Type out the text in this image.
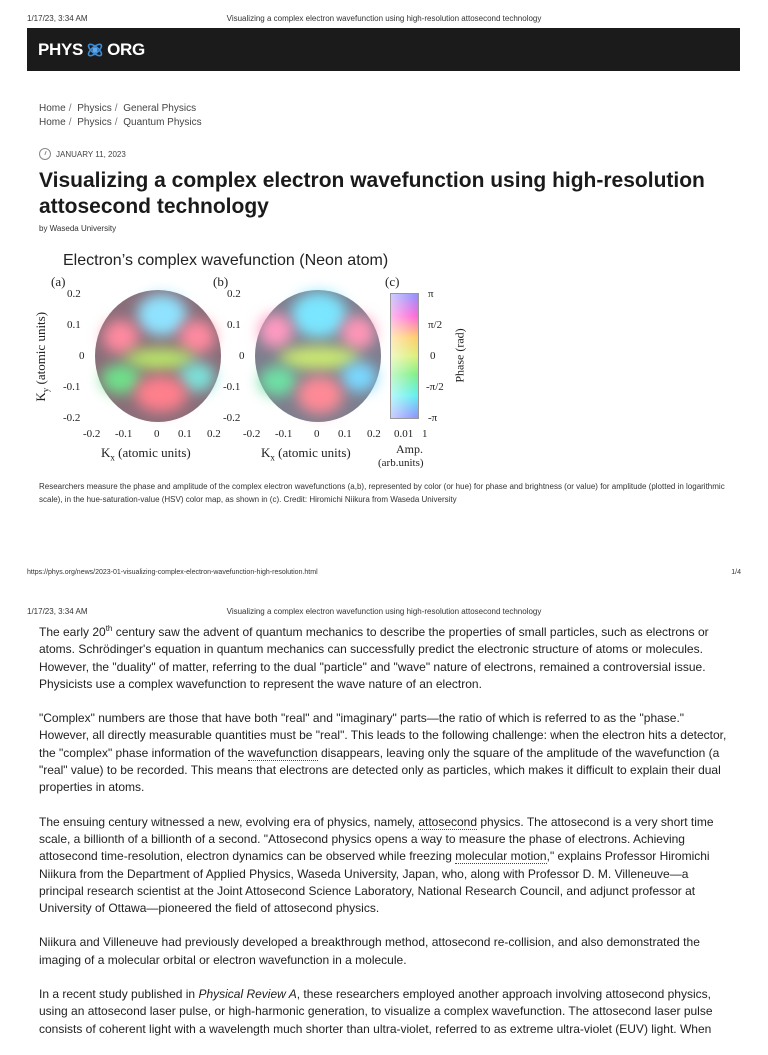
1/17/23, 3:34 AM	Visualizing a complex electron wavefunction using high-resolution attosecond technology
PHYS ORG
Home / Physics / General Physics
Home / Physics / Quantum Physics
JANUARY 11, 2023
Visualizing a complex electron wavefunction using high-resolution attosecond technology
by Waseda University
Electron’s complex wavefunction (Neon atom)
(a)	(b)	(c)
$K_y$ (atomic units)
0.2
0.1
0
-0.1
-0.2
0.2
0.1
0
-0.1
-0.2
-0.2 -0.1 0 0.1 0.2 -0.2 -0.1 0 0.1 0.2
$K_x$ (atomic units)	$K_x$ (atomic units)
π
π/2
0
-π/2
-π
Phase (rad)
0.01 1
Amp.
(arb.units)
Researchers measure the phase and amplitude of the complex electron wavefunctions (a,b), represented by color (or hue) for phase and brightness (or value) for amplitude (plotted in logarithmic scale), in the hue-saturation-value (HSV) color map, as shown in (c). Credit: Hiromichi Niikura from Waseda University
https://phys.org/news/2023-01-visualizing-complex-electron-wavefunction-high-resolution.html	1/4
1/17/23, 3:34 AM	Visualizing a complex electron wavefunction using high-resolution attosecond technology

The early 20th century saw the advent of quantum mechanics to describe the properties of small particles, such as electrons or atoms. Schrödinger's equation in quantum mechanics can successfully predict the electronic structure of atoms or molecules. However, the "duality" of matter, referring to the dual "particle" and "wave" nature of electrons, remained a controversial issue. Physicists use a complex wavefunction to represent the wave nature of an electron.

"Complex" numbers are those that have both "real" and "imaginary" parts—the ratio of which is referred to as the "phase." However, all directly measurable quantities must be "real". This leads to the following challenge: when the electron hits a detector, the "complex" phase information of the wavefunction disappears, leaving only the square of the amplitude of the wavefunction (a "real" value) to be recorded. This means that electrons are detected only as particles, which makes it difficult to explain their dual properties in atoms.

The ensuing century witnessed a new, evolving era of physics, namely, attosecond physics. The attosecond is a very short time scale, a billionth of a billionth of a second. "Attosecond physics opens a way to measure the phase of electrons. Achieving attosecond time-resolution, electron dynamics can be observed while freezing molecular motion," explains Professor Hiromichi Niikura from the Department of Applied Physics, Waseda University, Japan, who, along with Professor D. M. Villeneuve—a principal research scientist at the Joint Attosecond Science Laboratory, National Research Council, and adjunct professor at University of Ottawa—pioneered the field of attosecond physics.

Niikura and Villeneuve had previously developed a breakthrough method, attosecond re-collision, and also demonstrated the imaging of a molecular orbital or electron wavefunction in a molecule.

In a recent study published in Physical Review A, these researchers employed another approach involving attosecond physics, using an attosecond laser pulse, or high-harmonic generation, to visualize a complex wavefunction. The attosecond laser pulse consists of coherent light with a wavelength much shorter than ultra-violet, referred to as extreme ultra-violet (EUV) light. When
